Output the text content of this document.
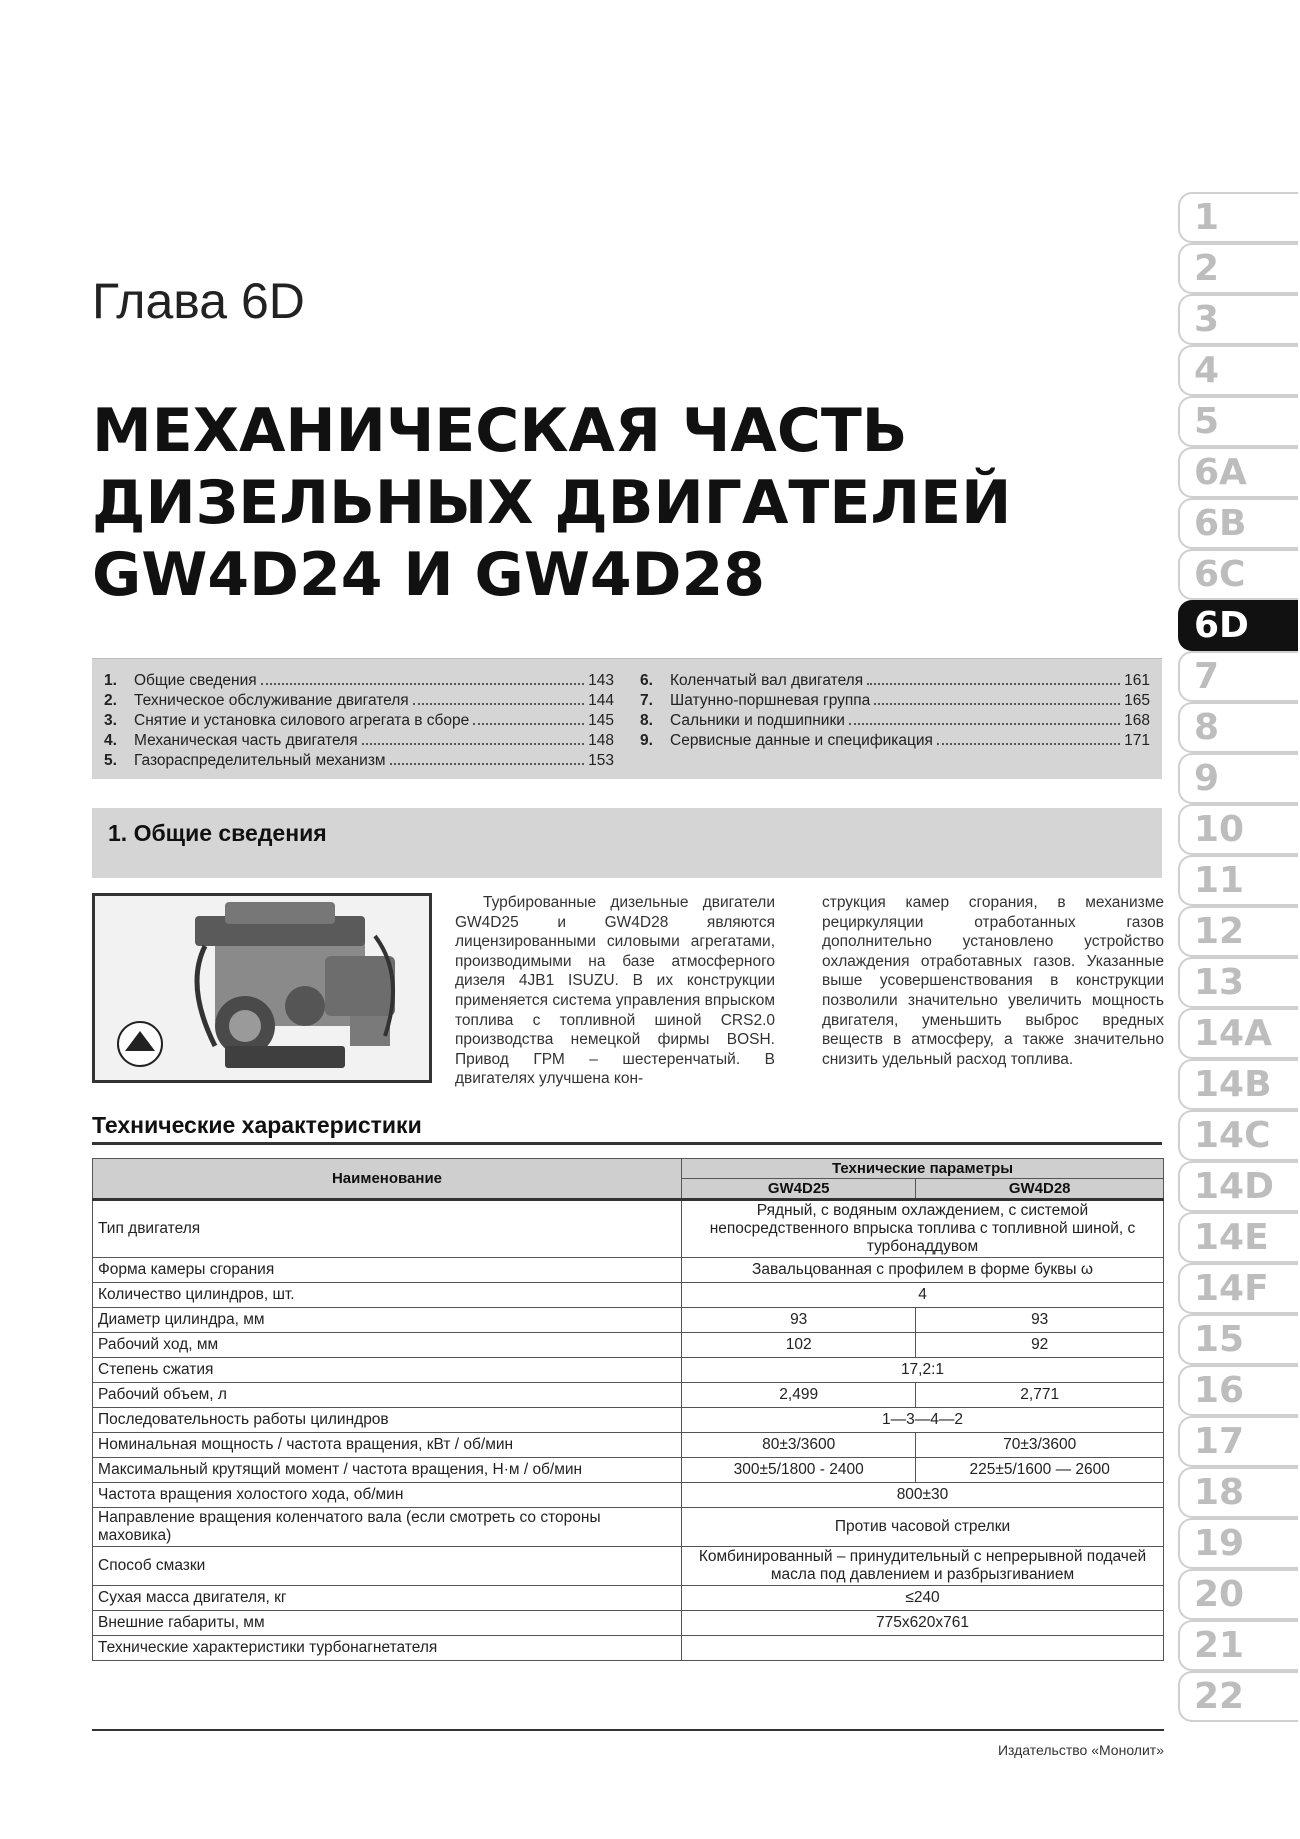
Глава 6D
МЕХАНИЧЕСКАЯ ЧАСТЬ
ДИЗЕЛЬНЫХ ДВИГАТЕЛЕЙ
GW4D24 И GW4D28
1.	Общие сведения	143
2.	Техническое обслуживание двигателя	144
3.	Снятие и установка силового агрегата в сборе	145
4.	Механическая часть двигателя	148
5.	Газораспределительный механизм	153
6.	Коленчатый вал двигателя	161
7.	Шатунно-поршневая группа	165
8.	Сальники и подшипники	168
9.	Сервисные данные и спецификация	171
1. Общие сведения
Турбированные дизельные двигатели GW4D25 и GW4D28 являются лицензированными силовыми агрегатами, производимыми на базе атмосферного дизеля 4JB1 ISUZU. В их конструкции применяется система управления впрыском топлива с топливной шиной CRS2.0 производства немецкой фирмы BOSH. Привод ГРМ – шестеренчатый. В двигателях улучшена кон-
струкция камер сгорания, в механизме рециркуляции отработанных газов дополнительно установлено устройство охлаждения отработавных газов. Указанные выше усовершенствования в конструкции позволили значительно увеличить мощность двигателя, уменьшить выброс вредных веществ в атмосферу, а также значительно снизить удельный расход топлива.
Технические характеристики
Наименование	Технические параметры	
	GW4D25	GW4D28
Тип двигателя	Рядный, с водяным охлаждением, с системой непосредственного впрыска топлива с топливной шиной, с турбонаддувом	
Форма камеры сгорания	Завальцованная с профилем в форме буквы ω	
Количество цилиндров, шт.	4	
Диаметр цилиндра, мм	93	93
Рабочий ход, мм	102	92
Степень сжатия	17,2:1	
Рабочий объем, л	2,499	2,771
Последовательность работы цилиндров	1—3—4—2	
Номинальная мощность / частота вращения, кВт / об/мин	80±3/3600	70±3/3600
Максимальный крутящий момент / частота вращения, Н·м / об/мин	300±5/1800 - 2400	225±5/1600 — 2600
Частота вращения холостого хода, об/мин	800±30	
Направление вращения коленчатого вала (если смотреть со стороны маховика)	Против часовой стрелки	
Способ смазки	Комбинированный – принудительный с непрерывной подачей масла под давлением и разбрызгиванием	
Сухая масса двигателя, кг	≤240	
Внешние габариты, мм	775x620x761	
Технические характеристики турбонагнетателя		
Издательство «Монолит»
1
2
3
4
5
6A
6B
6C
6D
7
8
9
10
11
12
13
14A
14B
14C
14D
14E
14F
15
16
17
18
19
20
21
22
